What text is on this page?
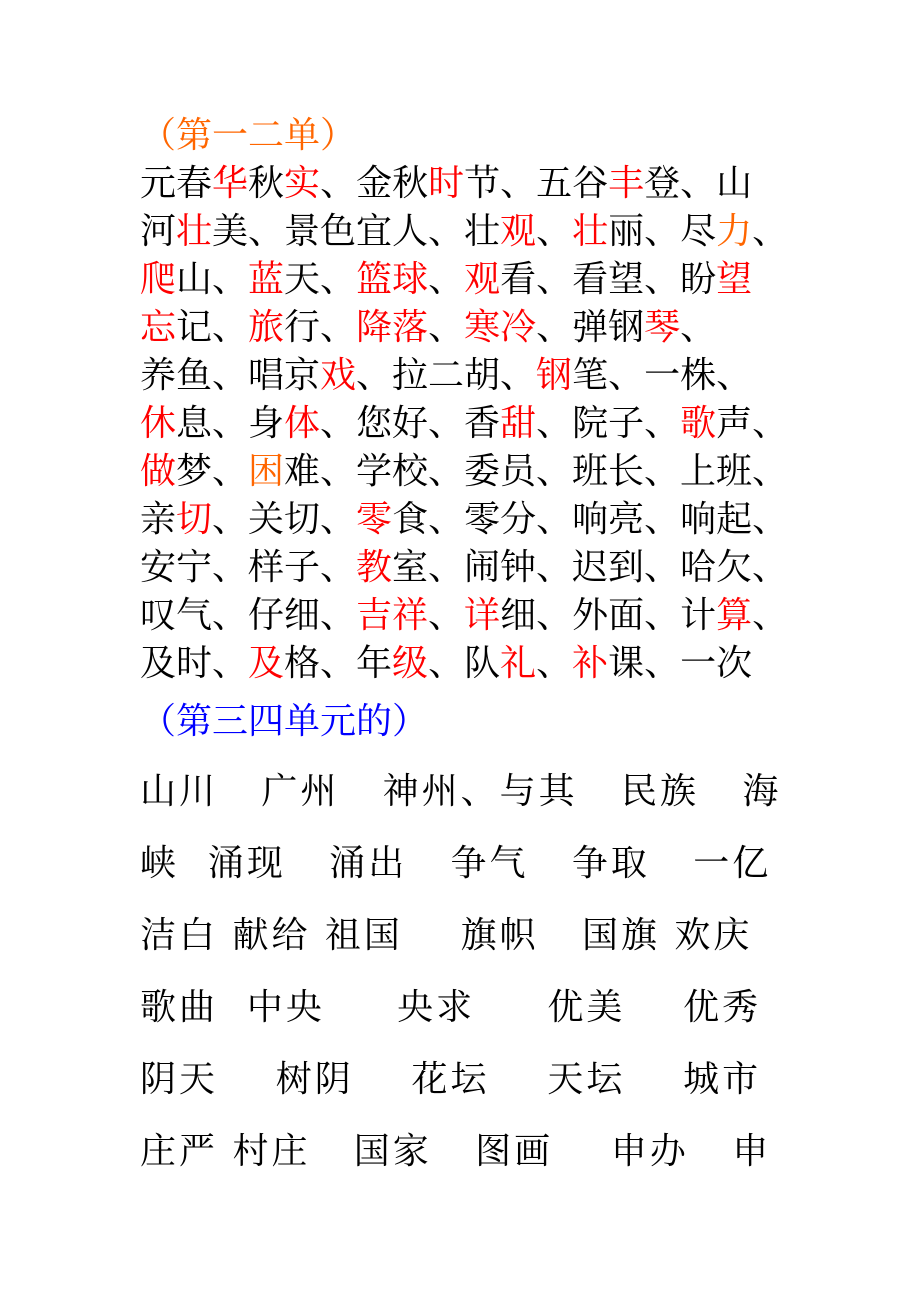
（第一二单）
元春华秋实、金秋时节、五谷丰登、山
河壮美、景色宜人、壮观、壮丽、尽力、
爬山、蓝天、篮球、观看、看望、盼望
忘记、旅行、降落、寒冷、弹钢琴、
养鱼、唱京戏、拉二胡、钢笔、一株、
休息、身体、您好、香甜、院子、歌声、
做梦、困难、学校、委员、班长、上班、
亲切、关切、零食、零分、响亮、响起、
安宁、样子、教室、闹钟、迟到、哈欠、
叹气、仔细、吉祥、详细、外面、计算、
及时、及格、年级、队礼、补课、一次
（第三四单元的）
山川   广州   神州、与其   民族   海
峡  涌现   涌出   争气   争取   一亿
洁白 献给 祖国    旗帜   国旗 欢庆
歌曲  中央     央求     优美    优秀
阴天    树阴    花坛    天坛    城市
庄严 村庄   国家   图画    申办   申
